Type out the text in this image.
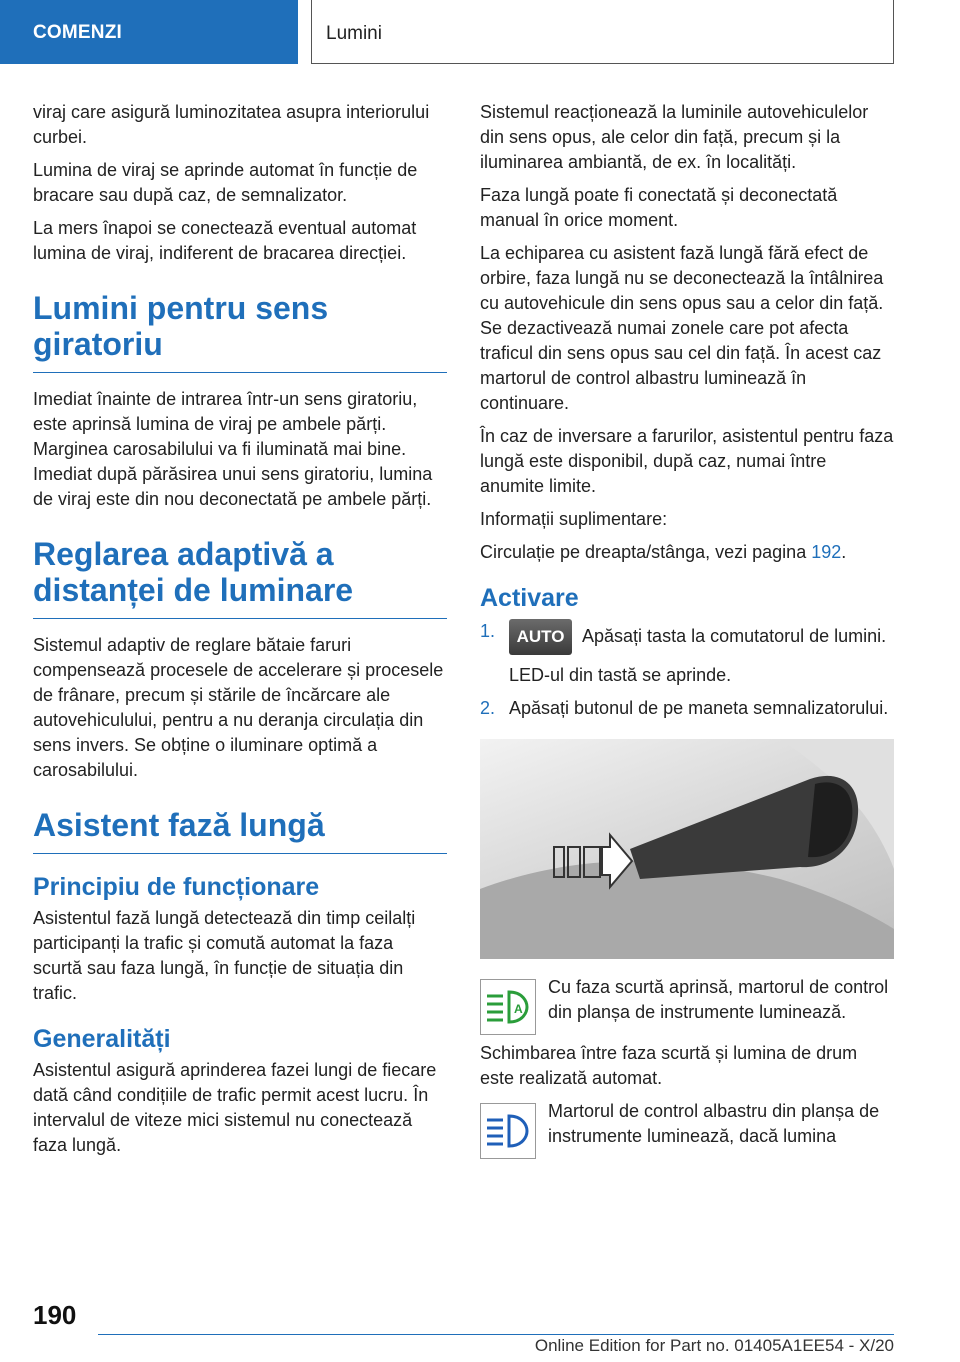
COMENZI	Lumini

viraj care asigură luminozitatea asupra interiorului curbei.

Lumina de viraj se aprinde automat în funcție de bracare sau după caz, de semnalizator.

La mers înapoi se conectează eventual automat lumina de viraj, indiferent de bracarea direcției.

Lumini pentru sens giratoriu

Imediat înainte de intrarea într-un sens giratoriu, este aprinsă lumina de viraj pe ambele părți. Marginea carosabilului va fi iluminată mai bine. Imediat după părăsirea unui sens giratoriu, lumina de viraj este din nou deconectată pe ambele părți.

Reglarea adaptivă a distanței de luminare

Sistemul adaptiv de reglare bătaie faruri compensează procesele de accelerare și procesele de frânare, precum și stările de încărcare ale autovehiculului, pentru a nu deranja circulația din sens invers. Se obține o iluminare optimă a carosabilului.

Asistent fază lungă
Principiu de funcționare

Asistentul fază lungă detectează din timp ceilalți participanți la trafic și comută automat la faza scurtă sau faza lungă, în funcție de situația din trafic.

Generalități

Asistentul asigură aprinderea fazei lungi de fiecare dată când condițiile de trafic permit acest lucru. În intervalul de viteze mici sistemul nu conectează faza lungă.

Sistemul reacționează la luminile autovehiculelor din sens opus, ale celor din față, precum și la iluminarea ambiantă, de ex. în localități.

Faza lungă poate fi conectată și deconectată manual în orice moment.

La echiparea cu asistent fază lungă fără efect de orbire, faza lungă nu se deconectează la întâlnirea cu autovehicule din sens opus sau a celor din față. Se dezactivează numai zonele care pot afecta traficul din sens opus sau cel din față. În acest caz martorul de control albastru luminează în continuare.

În caz de inversare a farurilor, asistentul pentru faza lungă este disponibil, după caz, numai între anumite limite.

Informații suplimentare:

Circulație pe dreapta/stânga, vezi pagina 192.

Activare
1. AUTO Apăsați tasta la comutatorul de lumini.
LED-ul din tastă se aprinde.
2. Apăsați butonul de pe maneta semnalizatorului.
A

Cu faza scurtă aprinsă, martorul de control din planșa de instrumente luminează.

Schimbarea între faza scurtă și lumina de drum este realizată automat.

Martorul de control albastru din planșa de instrumente luminează, dacă lumina

190
Online Edition for Part no. 01405A1EE54 - X/20
